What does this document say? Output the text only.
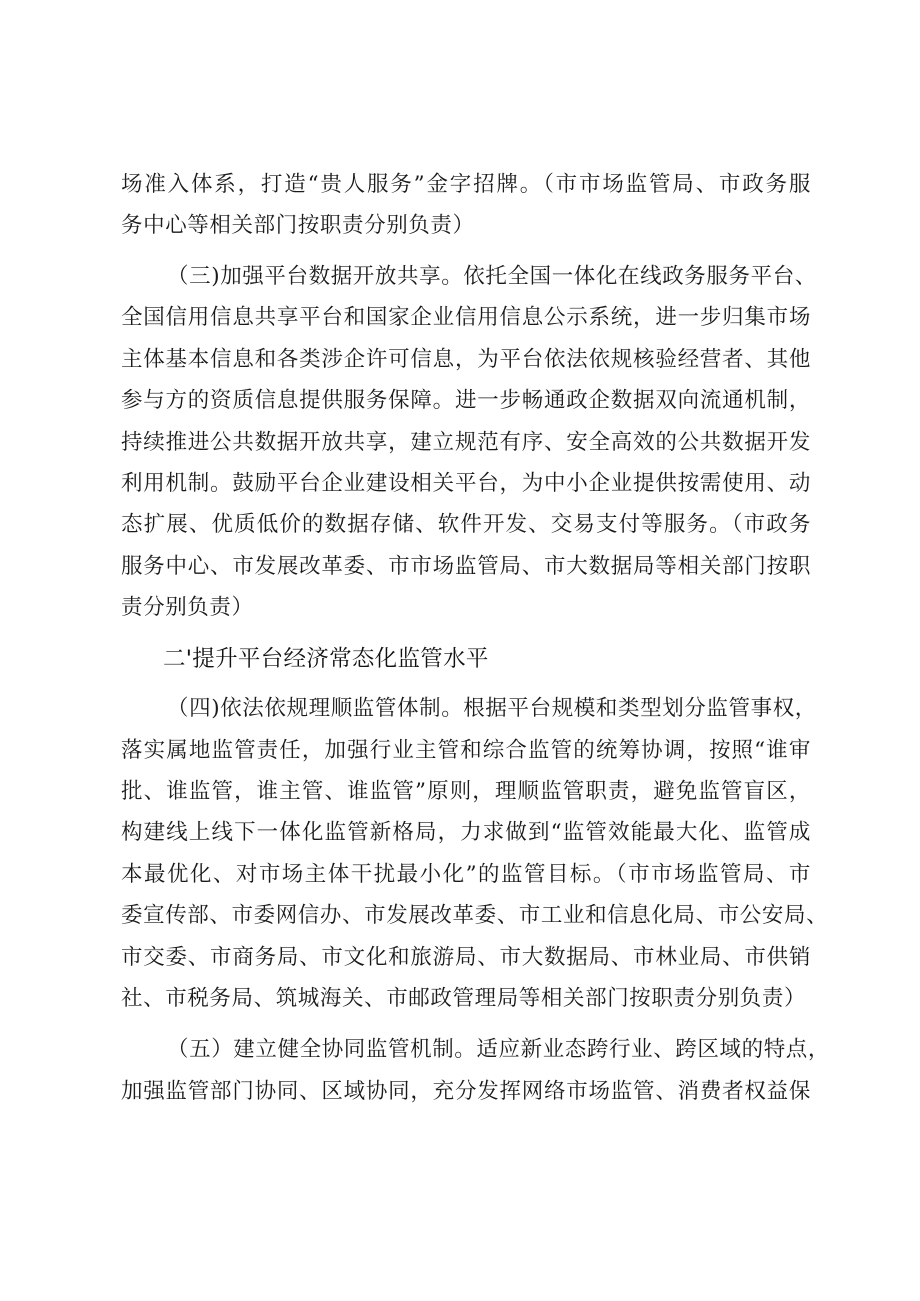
场准入体系，打造“贵人服务”金字招牌。（市市场监管局、市政务服
务中心等相关部门按职责分别负责）
（三)加强平台数据开放共享。依托全国一体化在线政务服务平台、
全国信用信息共享平台和国家企业信用信息公示系统，进一步归集市场
主体基本信息和各类涉企许可信息，为平台依法依规核验经营者、其他
参与方的资质信息提供服务保障。进一步畅通政企数据双向流通机制，
持续推进公共数据开放共享，建立规范有序、安全高效的公共数据开发
利用机制。鼓励平台企业建设相关平台，为中小企业提供按需使用、动
态扩展、优质低价的数据存储、软件开发、交易支付等服务。（市政务
服务中心、市发展改革委、市市场监管局、市大数据局等相关部门按职
责分别负责）
二'提升平台经济常态化监管水平
（四)依法依规理顺监管体制。根据平台规模和类型划分监管事权，
落实属地监管责任，加强行业主管和综合监管的统筹协调，按照“谁审
批、谁监管，谁主管、谁监管”原则，理顺监管职责，避免监管盲区，
构建线上线下一体化监管新格局，力求做到“监管效能最大化、监管成
本最优化、对市场主体干扰最小化”的监管目标。（市市场监管局、市
委宣传部、市委网信办、市发展改革委、市工业和信息化局、市公安局、
市交委、市商务局、市文化和旅游局、市大数据局、市林业局、市供销
社、市税务局、筑城海关、市邮政管理局等相关部门按职责分别负责）
（五）建立健全协同监管机制。适应新业态跨行业、跨区域的特点，
加强监管部门协同、区域协同，充分发挥网络市场监管、消费者权益保
